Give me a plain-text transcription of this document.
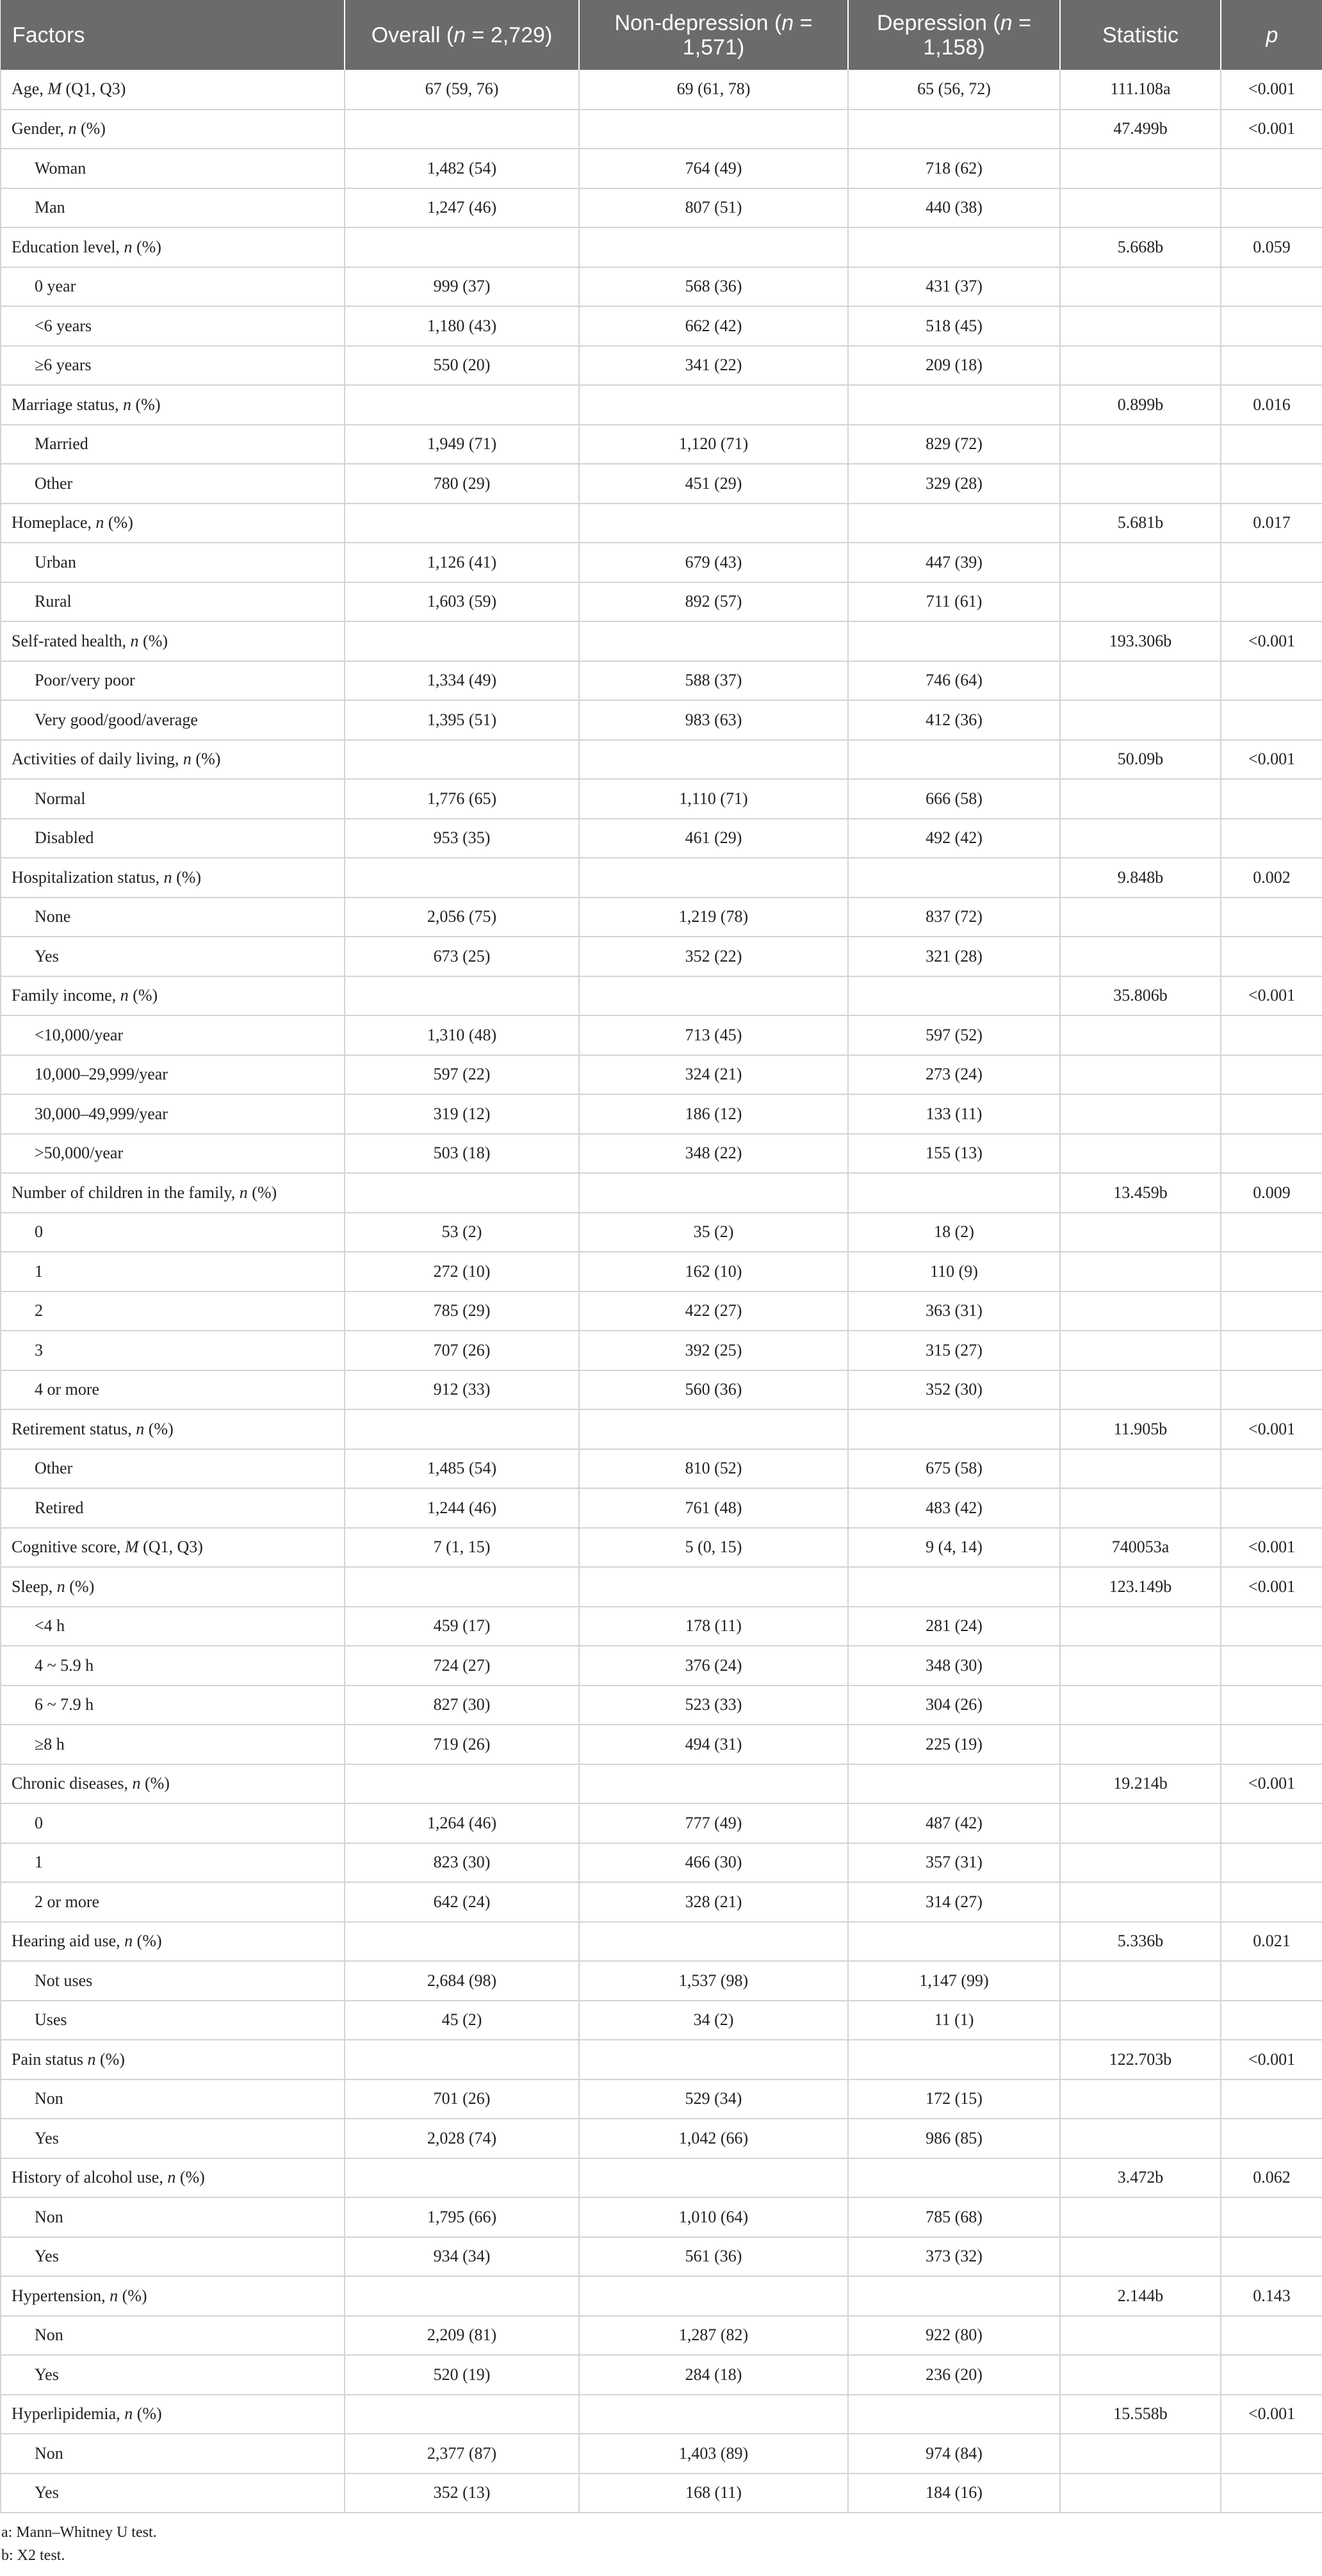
Factors	Overall (n = 2,729)	Non-depression (n = 1,571)	Depression (n = 1,158)	Statistic	p
Age, M (Q1, Q3)	67 (59, 76)	69 (61, 78)	65 (56, 72)	111.108a	<0.001
Gender, n (%)				47.499b	<0.001
Woman	1,482 (54)	764 (49)	718 (62)		
Man	1,247 (46)	807 (51)	440 (38)		
Education level, n (%)				5.668b	0.059
0 year	999 (37)	568 (36)	431 (37)		
<6 years	1,180 (43)	662 (42)	518 (45)		
≥6 years	550 (20)	341 (22)	209 (18)		
Marriage status, n (%)				0.899b	0.016
Married	1,949 (71)	1,120 (71)	829 (72)		
Other	780 (29)	451 (29)	329 (28)		
Homeplace, n (%)				5.681b	0.017
Urban	1,126 (41)	679 (43)	447 (39)		
Rural	1,603 (59)	892 (57)	711 (61)		
Self-rated health, n (%)				193.306b	<0.001
Poor/very poor	1,334 (49)	588 (37)	746 (64)		
Very good/good/average	1,395 (51)	983 (63)	412 (36)		
Activities of daily living, n (%)				50.09b	<0.001
Normal	1,776 (65)	1,110 (71)	666 (58)		
Disabled	953 (35)	461 (29)	492 (42)		
Hospitalization status, n (%)				9.848b	0.002
None	2,056 (75)	1,219 (78)	837 (72)		
Yes	673 (25)	352 (22)	321 (28)		
Family income, n (%)				35.806b	<0.001
<10,000/year	1,310 (48)	713 (45)	597 (52)		
10,000–29,999/year	597 (22)	324 (21)	273 (24)		
30,000–49,999/year	319 (12)	186 (12)	133 (11)		
>50,000/year	503 (18)	348 (22)	155 (13)		
Number of children in the family, n (%)				13.459b	0.009
0	53 (2)	35 (2)	18 (2)		
1	272 (10)	162 (10)	110 (9)		
2	785 (29)	422 (27)	363 (31)		
3	707 (26)	392 (25)	315 (27)		
4 or more	912 (33)	560 (36)	352 (30)		
Retirement status, n (%)				11.905b	<0.001
Other	1,485 (54)	810 (52)	675 (58)		
Retired	1,244 (46)	761 (48)	483 (42)		
Cognitive score, M (Q1, Q3)	7 (1, 15)	5 (0, 15)	9 (4, 14)	740053a	<0.001
Sleep, n (%)				123.149b	<0.001
<4 h	459 (17)	178 (11)	281 (24)		
4 ~ 5.9 h	724 (27)	376 (24)	348 (30)		
6 ~ 7.9 h	827 (30)	523 (33)	304 (26)		
≥8 h	719 (26)	494 (31)	225 (19)		
Chronic diseases, n (%)				19.214b	<0.001
0	1,264 (46)	777 (49)	487 (42)		
1	823 (30)	466 (30)	357 (31)		
2 or more	642 (24)	328 (21)	314 (27)		
Hearing aid use, n (%)				5.336b	0.021
Not uses	2,684 (98)	1,537 (98)	1,147 (99)		
Uses	45 (2)	34 (2)	11 (1)		
Pain status n (%)				122.703b	<0.001
Non	701 (26)	529 (34)	172 (15)		
Yes	2,028 (74)	1,042 (66)	986 (85)		
History of alcohol use, n (%)				3.472b	0.062
Non	1,795 (66)	1,010 (64)	785 (68)		
Yes	934 (34)	561 (36)	373 (32)		
Hypertension, n (%)				2.144b	0.143
Non	2,209 (81)	1,287 (82)	922 (80)		
Yes	520 (19)	284 (18)	236 (20)		
Hyperlipidemia, n (%)				15.558b	<0.001
Non	2,377 (87)	1,403 (89)	974 (84)		
Yes	352 (13)	168 (11)	184 (16)		
a: Mann–Whitney U test.
b: X2 test.
